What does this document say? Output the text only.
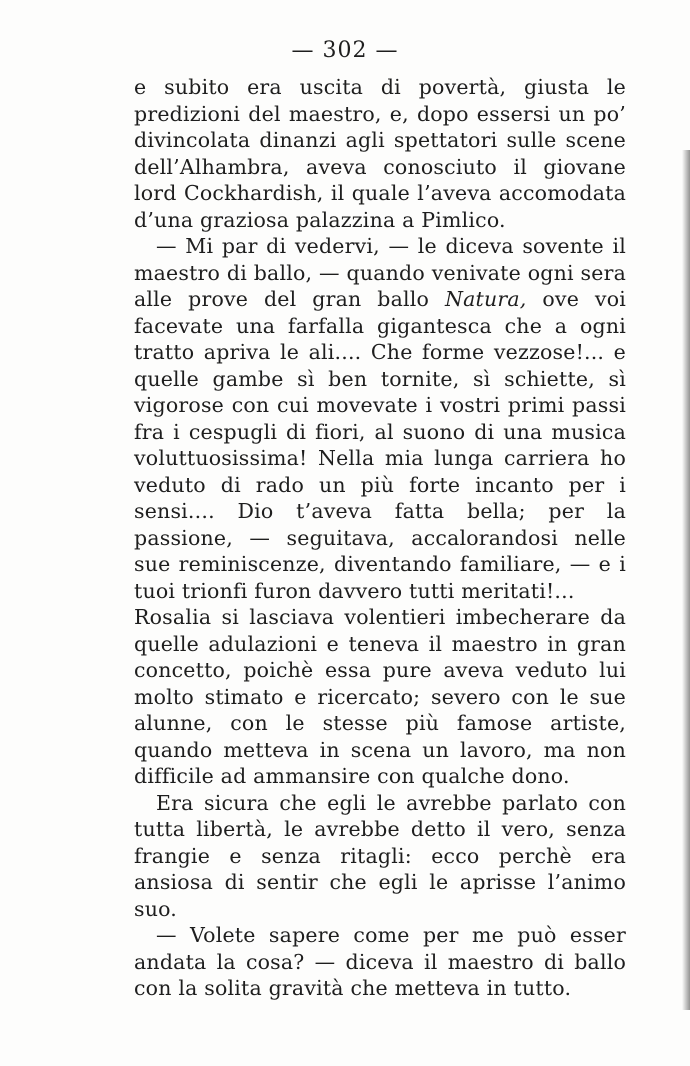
— 302 —

e subito era uscita di povertà, giusta le predizioni del maestro, e, dopo essersi un po’ divincolata dinanzi agli spettatori sulle scene dell’Alhambra, aveva conosciuto il giovane lord Cockhardish, il quale l’aveva accomodata d’una graziosa palazzina a Pimlico.

— Mi par di vedervi, — le diceva sovente il maestro di ballo, — quando venivate ogni sera alle prove del gran ballo Natura, ove voi facevate una farfalla gigantesca che a ogni tratto apriva le ali.... Che forme vezzose!... e quelle gambe sì ben tornite, sì schiette, sì vigorose con cui movevate i vostri primi passi fra i cespugli di fiori, al suono di una musica voluttuosissima! Nella mia lunga carriera ho veduto di rado un più forte incanto per i sensi.... Dio t’aveva fatta bella; per la passione, — seguitava, accalorandosi nelle sue reminiscenze, diventando familiare, — e i tuoi trionfi furon davvero tutti meritati!...

Rosalia si lasciava volentieri imbecherare da quelle adulazioni e teneva il maestro in gran concetto, poichè essa pure aveva veduto lui molto stimato e ricercato; severo con le sue alunne, con le stesse più famose artiste, quando metteva in scena un lavoro, ma non difficile ad ammansire con qualche dono.

Era sicura che egli le avrebbe parlato con tutta libertà, le avrebbe detto il vero, senza frangie e senza ritagli: ecco perchè era ansiosa di sentir che egli le aprisse l’animo suo.

— Volete sapere come per me può esser andata la cosa? — diceva il maestro di ballo con la solita gravità che metteva in tutto.
